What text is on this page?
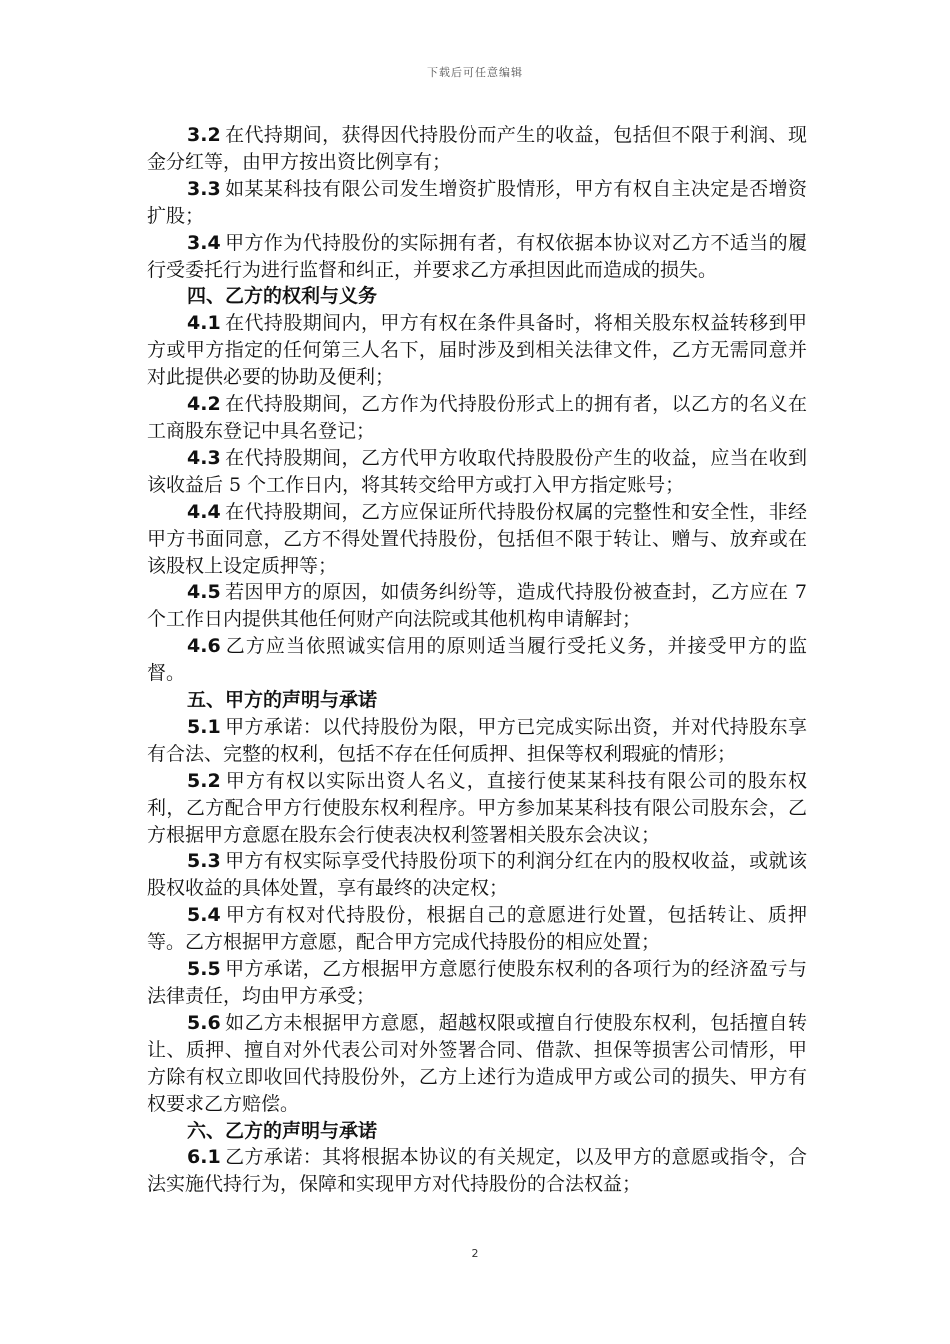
下载后可任意编辑

3.2 在代持期间，获得因代持股份而产生的收益，包括但不限于利润、现金分红等，由甲方按出资比例享有；

3.3 如某某科技有限公司发生增资扩股情形，甲方有权自主决定是否增资扩股；

3.4 甲方作为代持股份的实际拥有者，有权依据本协议对乙方不适当的履行受委托行为进行监督和纠正，并要求乙方承担因此而造成的损失。

四、乙方的权利与义务

4.1 在代持股期间内，甲方有权在条件具备时，将相关股东权益转移到甲方或甲方指定的任何第三人名下，届时涉及到相关法律文件，乙方无需同意并对此提供必要的协助及便利；

4.2 在代持股期间，乙方作为代持股份形式上的拥有者，以乙方的名义在工商股东登记中具名登记；

4.3 在代持股期间，乙方代甲方收取代持股股份产生的收益，应当在收到该收益后 5 个工作日内，将其转交给甲方或打入甲方指定账号；

4.4 在代持股期间，乙方应保证所代持股份权属的完整性和安全性，非经甲方书面同意，乙方不得处置代持股份，包括但不限于转让、赠与、放弃或在该股权上设定质押等；

4.5 若因甲方的原因，如债务纠纷等，造成代持股份被查封，乙方应在 7 个工作日内提供其他任何财产向法院或其他机构申请解封；

4.6 乙方应当依照诚实信用的原则适当履行受托义务，并接受甲方的监督。

五、甲方的声明与承诺

5.1 甲方承诺：以代持股份为限，甲方已完成实际出资，并对代持股东享有合法、完整的权利，包括不存在任何质押、担保等权利瑕疵的情形；

5.2 甲方有权以实际出资人名义，直接行使某某科技有限公司的股东权利，乙方配合甲方行使股东权利程序。甲方参加某某科技有限公司股东会，乙方根据甲方意愿在股东会行使表决权利签署相关股东会决议；

5.3 甲方有权实际享受代持股份项下的利润分红在内的股权收益，或就该股权收益的具体处置，享有最终的决定权；

5.4 甲方有权对代持股份，根据自己的意愿进行处置，包括转让、质押等。乙方根据甲方意愿，配合甲方完成代持股份的相应处置；

5.5 甲方承诺，乙方根据甲方意愿行使股东权利的各项行为的经济盈亏与法律责任，均由甲方承受；

5.6 如乙方未根据甲方意愿，超越权限或擅自行使股东权利，包括擅自转让、质押、擅自对外代表公司对外签署合同、借款、担保等损害公司情形，甲方除有权立即收回代持股份外，乙方上述行为造成甲方或公司的损失、甲方有权要求乙方赔偿。

六、乙方的声明与承诺

6.1 乙方承诺：其将根据本协议的有关规定，以及甲方的意愿或指令，合法实施代持行为，保障和实现甲方对代持股份的合法权益；

2
